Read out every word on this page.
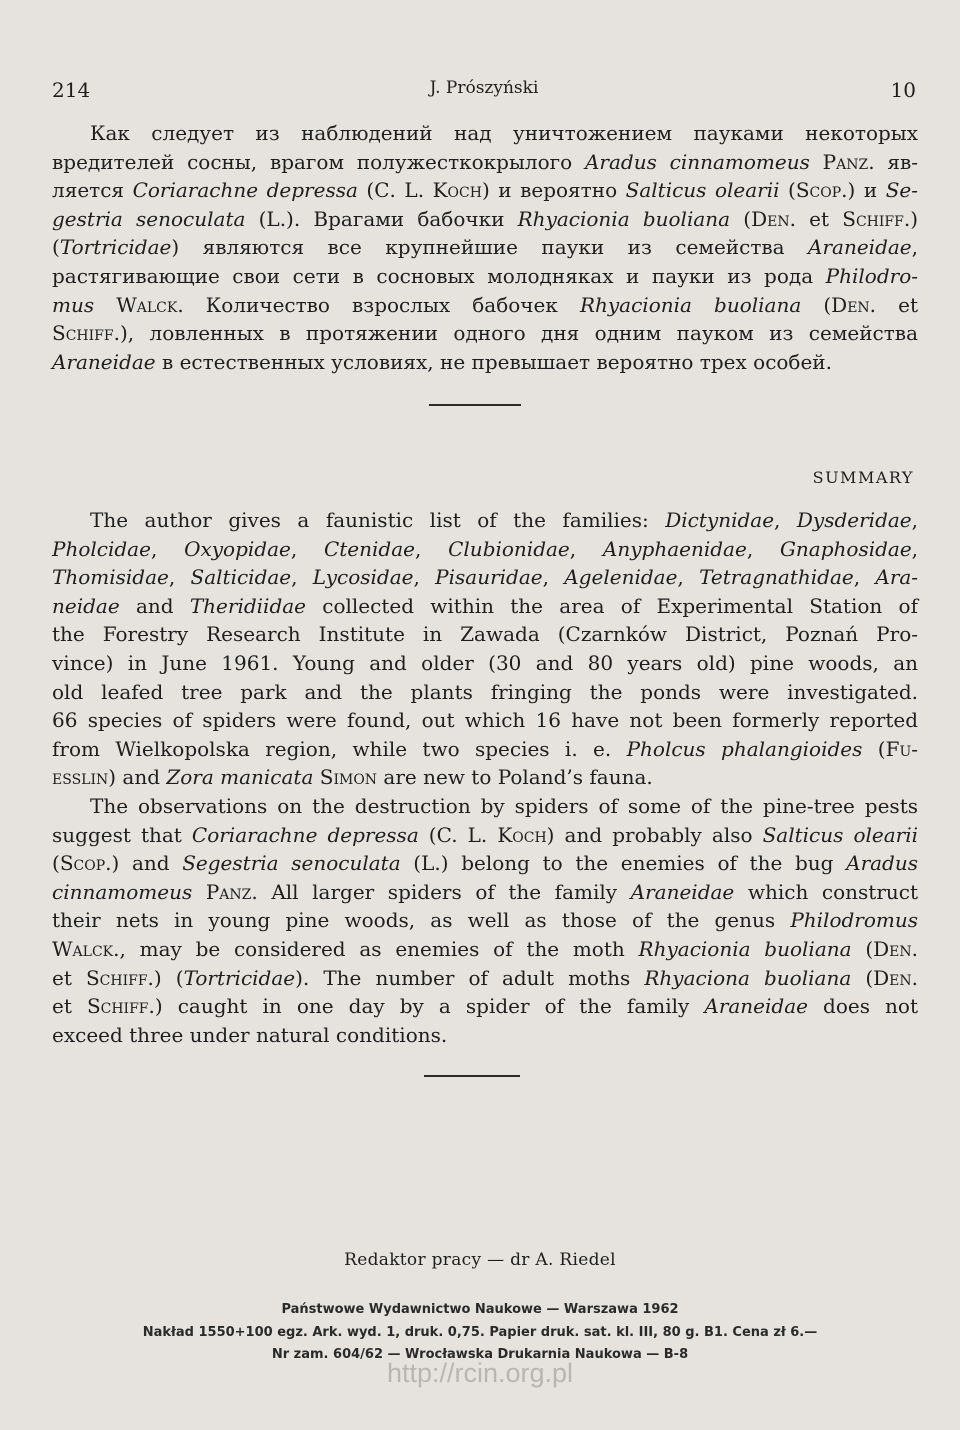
214	J. Prószyński	10
Как следует из наблюдений над уничтожением пауками некоторых
вредителей сосны, врагом полужесткокрылого Aradus cinnamomeus Panz. яв-
ляется Coriarachne depressa (С. L. Koch) и вероятно Salticus olearii (Scop.) и Se-
gestria senoculata (L.). Врагами бабочки Rhyacionia buoliana (Den. et Schiff.)
(Tortricidae) являются все крупнейшие пауки из семейства Araneidae,
растягивающие свои сети в сосновых молодняках и пауки из рода Philodro-
mus Walck. Количество взрослых бабочек Rhyacionia buoliana (Den. et
Schiff.), ловленных в протяжении одного дня одним пауком из семейства
Araneidae в естественных условиях, не превышает вероятно трех особей.
SUMMARY
The author gives a faunistic list of the families: Dictynidae, Dysderidae,
Pholcidae, Oxyopidae, Ctenidae, Clubionidae, Anyphaenidae, Gnaphosidae,
Thomisidae, Salticidae, Lycosidae, Pisauridae, Agelenidae, Tetragnathidae, Ara-
neidae and Theridiidae collected within the area of Experimental Station of
the Forestry Research Institute in Zawada (Czarnków District, Poznań Pro-
vince) in June 1961. Young and older (30 and 80 years old) pine woods, an
old leafed tree park and the plants fringing the ponds were investigated.
66 species of spiders were found, out which 16 have not been formerly reported
from Wielkopolska region, while two species i. e. Pholcus phalangioides (Fu-
esslin) and Zora manicata Simon are new to Poland’s fauna.
The observations on the destruction by spiders of some of the pine-tree pests
suggest that Coriarachne depressa (C. L. Koch) and probably also Salticus olearii
(Scop.) and Segestria senoculata (L.) belong to the enemies of the bug Aradus
cinnamomeus Panz. All larger spiders of the family Araneidae which construct
their nets in young pine woods, as well as those of the genus Philodromus
Walck., may be considered as enemies of the moth Rhyacionia buoliana (Den.
et Schiff.) (Tortricidae). The number of adult moths Rhyaciona buoliana (Den.
et Schiff.) caught in one day by a spider of the family Araneidae does not
exceed three under natural conditions.
Redaktor pracy — dr A. Riedel
Państwowe Wydawnictwo Naukowe — Warszawa 1962
Nakład 1550+100 egz. Ark. wyd. 1, druk. 0,75. Papier druk. sat. kl. III, 80 g. B1. Cena zł 6.—
Nr zam. 604/62 — Wrocławska Drukarnia Naukowa — B-8
http://rcin.org.pl
